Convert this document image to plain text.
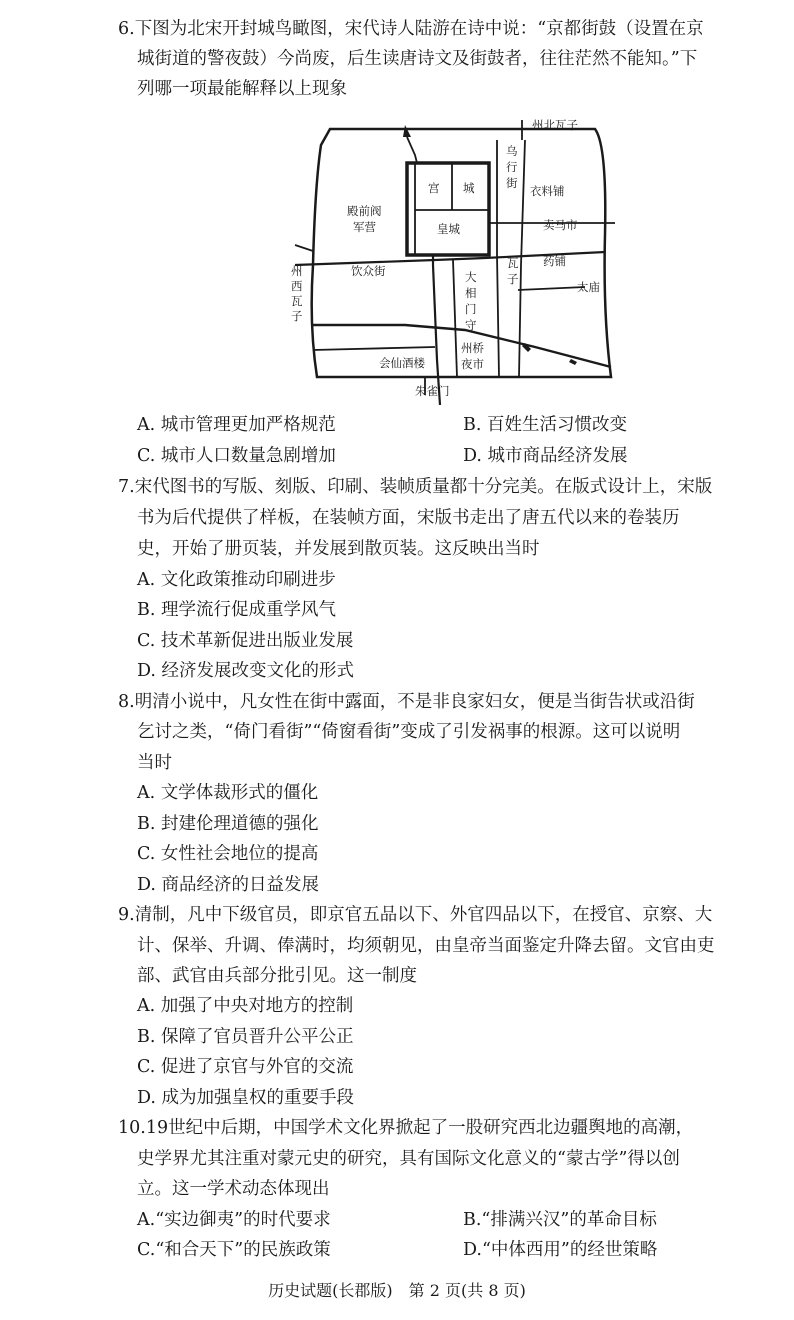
6.下图为北宋开封城鸟瞰图，宋代诗人陆游在诗中说：“京都街鼓（设置在京
城街道的警夜鼓）今尚废，后生读唐诗文及街鼓者，往往茫然不能知。”下
列哪一项最能解释以上现象
州北瓦子
宫 城
乌
行
街
衣料铺
殿前阀
军营	皇城	卖马市
饮众街
瓦
子
药铺
太庙
大
相
门
守
州
西
瓦
子
会仙酒楼
州桥
夜市
朱雀门
A. 城市管理更加严格规范	B. 百姓生活习惯改变
C. 城市人口数量急剧增加	D. 城市商品经济发展
7.宋代图书的写版、刻版、印刷、装帧质量都十分完美。在版式设计上，宋版
书为后代提供了样板，在装帧方面，宋版书走出了唐五代以来的卷装历
史，开始了册页装，并发展到散页装。这反映出当时
A. 文化政策推动印刷进步
B. 理学流行促成重学风气
C. 技术革新促进出版业发展
D. 经济发展改变文化的形式
8.明清小说中，凡女性在街中露面，不是非良家妇女，便是当街告状或沿街
乞讨之类，“倚门看街”“倚窗看街”变成了引发祸事的根源。这可以说明
当时
A. 文学体裁形式的僵化
B. 封建伦理道德的强化
C. 女性社会地位的提高
D. 商品经济的日益发展
9.清制，凡中下级官员，即京官五品以下、外官四品以下，在授官、京察、大
计、保举、升调、俸满时，均须朝见，由皇帝当面鉴定升降去留。文官由吏
部、武官由兵部分批引见。这一制度
A. 加强了中央对地方的控制
B. 保障了官员晋升公平公正
C. 促进了京官与外官的交流
D. 成为加强皇权的重要手段
10.19世纪中后期，中国学术文化界掀起了一股研究西北边疆舆地的高潮，
史学界尤其注重对蒙元史的研究，具有国际文化意义的“蒙古学”得以创
立。这一学术动态体现出
A.“实边御夷”的时代要求	B.“排满兴汉”的革命目标
C.“和合天下”的民族政策	D.“中体西用”的经世策略
历史试题(长郡版)　第 2 页(共 8 页)
